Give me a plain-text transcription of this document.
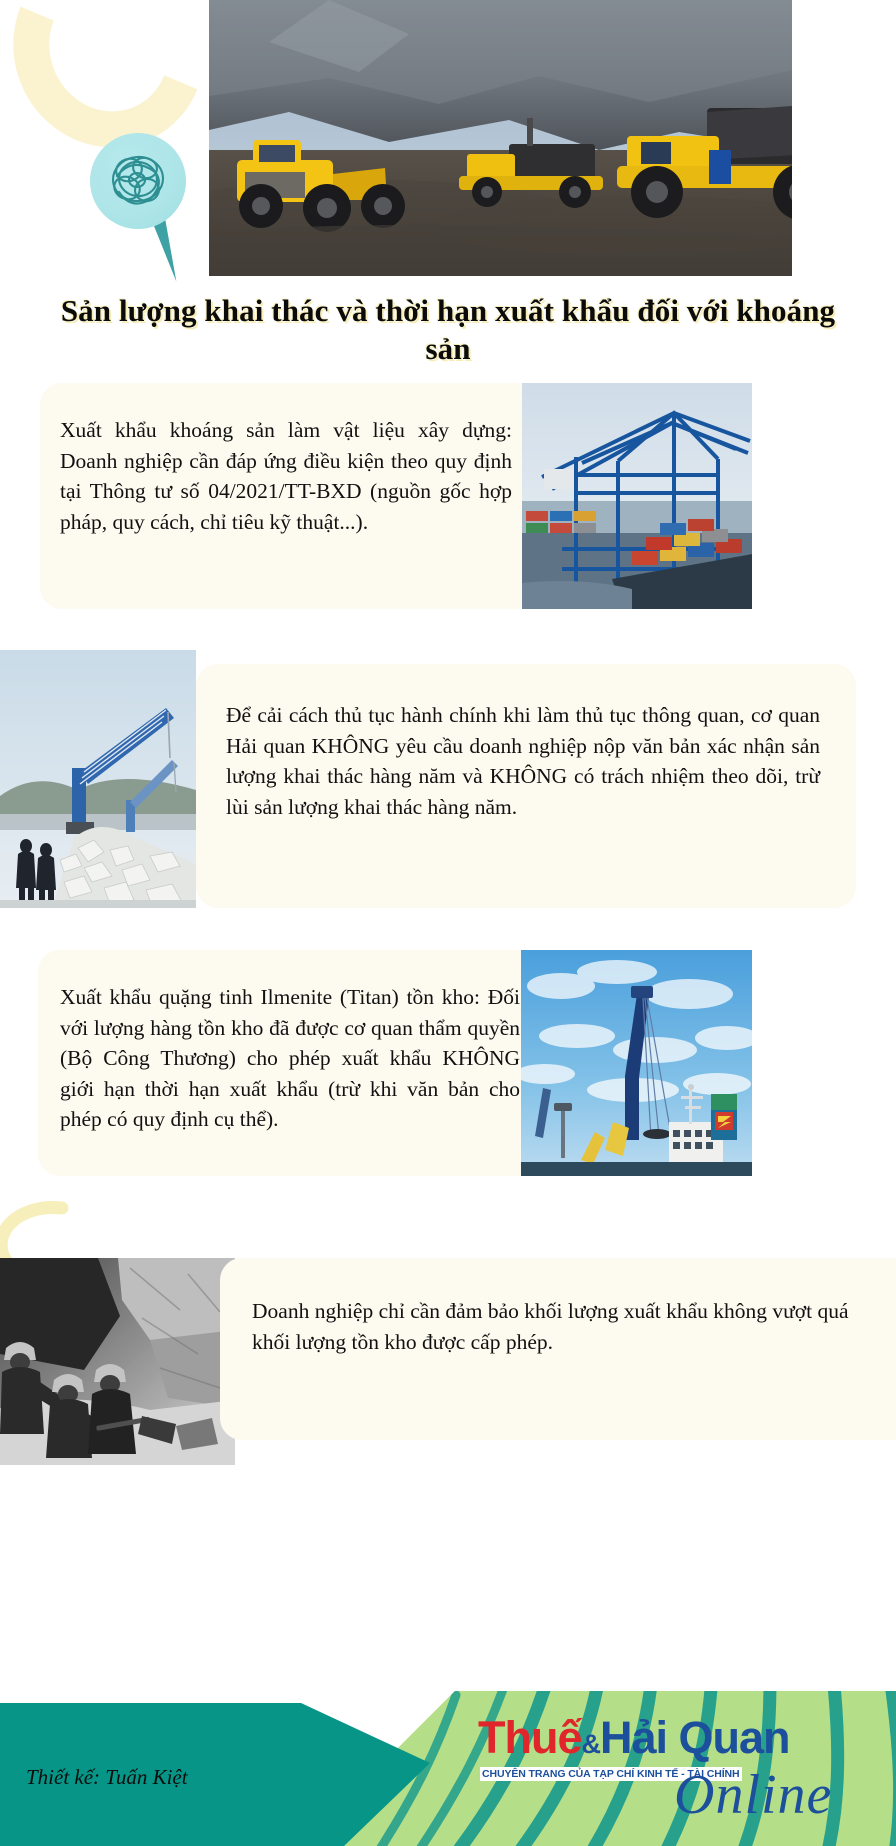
Xuất khẩu khoáng sản làm vật liệu xây dựng: Doanh nghiệp cần đáp ứng điều kiện theo quy định tại Thông tư số 04/2021/TT-BXD (nguồn gốc hợp pháp, quy cách, chỉ tiêu kỹ thuật...).

Để cải cách thủ tục hành chính khi làm thủ tục thông quan, cơ quan Hải quan KHÔNG yêu cầu doanh nghiệp nộp văn bản xác nhận sản lượng khai thác hàng năm và KHÔNG có trách nhiệm theo dõi, trừ lùi sản lượng khai thác hàng năm.

Xuất khẩu quặng tinh Ilmenite (Titan) tồn kho: Đối với lượng hàng tồn kho đã được cơ quan thẩm quyền (Bộ Công Thương) cho phép xuất khẩu KHÔNG giới hạn thời hạn xuất khẩu (trừ khi văn bản cho phép có quy định cụ thể).

Doanh nghiệp chỉ cần đảm bảo khối lượng xuất khẩu không vượt quá khối lượng tồn kho được cấp phép.

Thiết kế: Tuấn Kiệt
Thuế&Hải Quan
CHUYÊN TRANG CỦA TẠP CHÍ KINH TẾ - TÀI CHÍNH
Online
Sản lượng khai thác và thời hạn xuất khẩu đối với khoáng sản
